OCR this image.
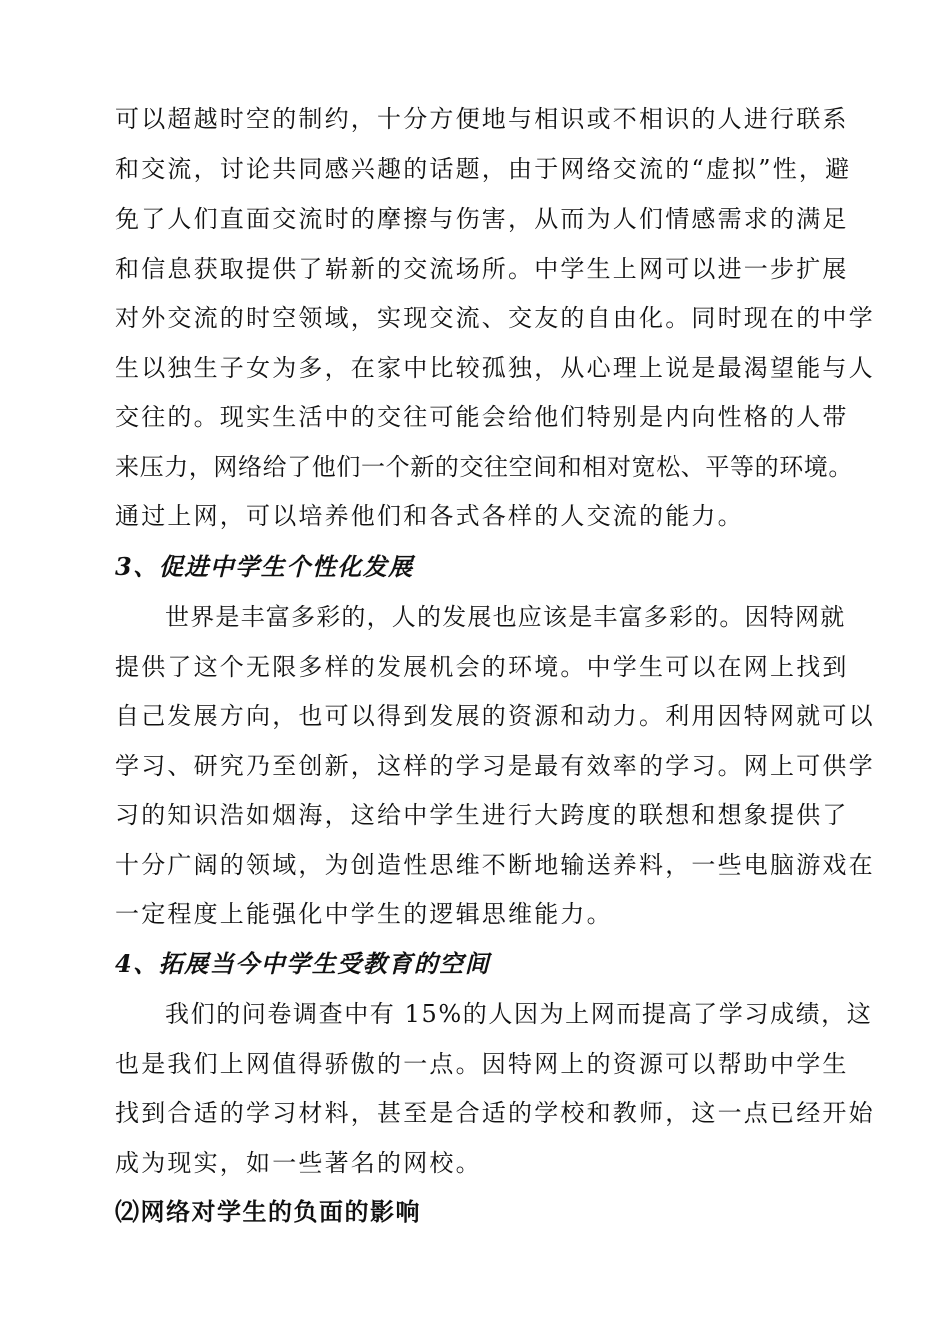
可以超越时空的制约，十分方便地与相识或不相识的人进行联系
和交流，讨论共同感兴趣的话题，由于网络交流的“虚拟”性，避
免了人们直面交流时的摩擦与伤害，从而为人们情感需求的满足
和信息获取提供了崭新的交流场所。中学生上网可以进一步扩展
对外交流的时空领域，实现交流、交友的自由化。同时现在的中学
生以独生子女为多，在家中比较孤独，从心理上说是最渴望能与人
交往的。现实生活中的交往可能会给他们特别是内向性格的人带
来压力，网络给了他们一个新的交往空间和相对宽松、平等的环境。
通过上网，可以培养他们和各式各样的人交流的能力。
3、促进中学生个性化发展
世界是丰富多彩的，人的发展也应该是丰富多彩的。因特网就
提供了这个无限多样的发展机会的环境。中学生可以在网上找到
自己发展方向，也可以得到发展的资源和动力。利用因特网就可以
学习、研究乃至创新，这样的学习是最有效率的学习。网上可供学
习的知识浩如烟海，这给中学生进行大跨度的联想和想象提供了
十分广阔的领域，为创造性思维不断地输送养料，一些电脑游戏在
一定程度上能强化中学生的逻辑思维能力。
4、拓展当今中学生受教育的空间
我们的问卷调查中有 15%的人因为上网而提高了学习成绩，这
也是我们上网值得骄傲的一点。因特网上的资源可以帮助中学生
找到合适的学习材料，甚至是合适的学校和教师，这一点已经开始
成为现实，如一些著名的网校。
⑵网络对学生的负面的影响
